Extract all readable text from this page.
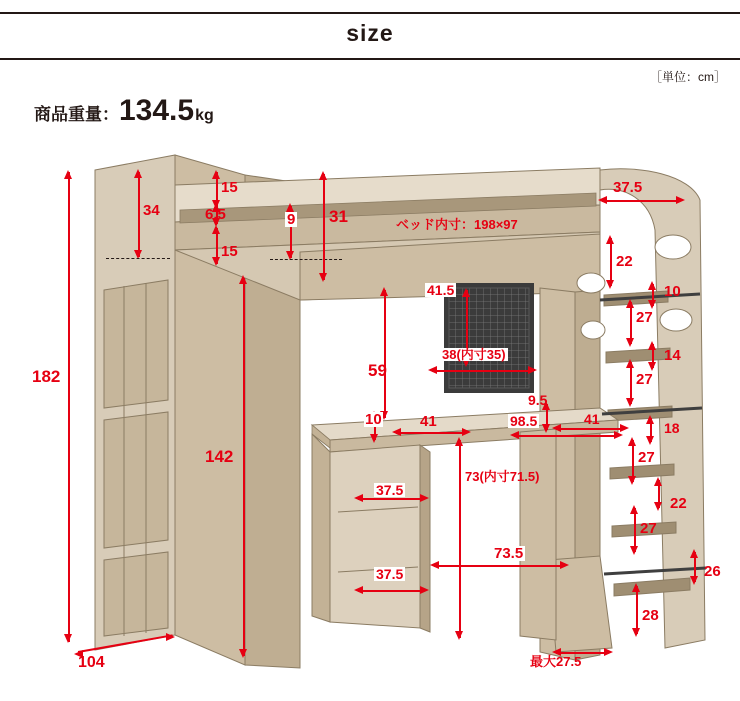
size
［単位：cm］
商品重量： 134.5 kg
182
104
34
15
6.5
15
9 31	ベッド内寸：198×97
142
59
41.5
38(内寸35)
10	41
9.5
98.5	41
18
37.5
37.5
73(内寸71.5)
73.5
最大27.5
37.5
22
10
27
14
27
27
22
27
26
28
